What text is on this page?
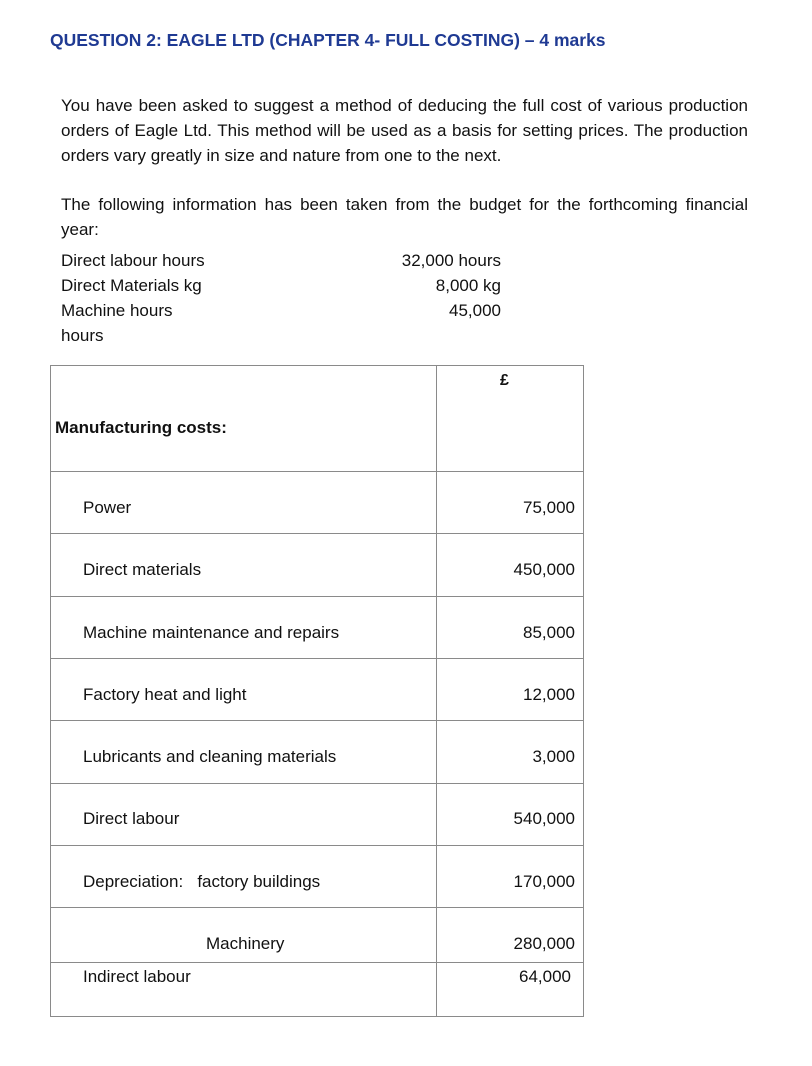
QUESTION 2: EAGLE LTD (CHAPTER 4- FULL COSTING) – 4 marks

You have been asked to suggest a method of deducing the full cost of various production orders of Eagle Ltd. This method will be used as a basis for setting prices. The production orders vary greatly in size and nature from one to the next.

The following information has been taken from the budget for the forthcoming financial year:

Direct labour hours	32,000 hours
Direct Materials kg	8,000 kg
Machine hours	45,000
hours
£
Manufacturing costs:
Power	75,000
Direct materials	450,000
Machine maintenance and repairs	85,000
Factory heat and light	12,000
Lubricants and cleaning materials	3,000
Direct labour	540,000
Depreciation:   factory buildings	170,000
Machinery	280,000
Indirect labour	64,000
